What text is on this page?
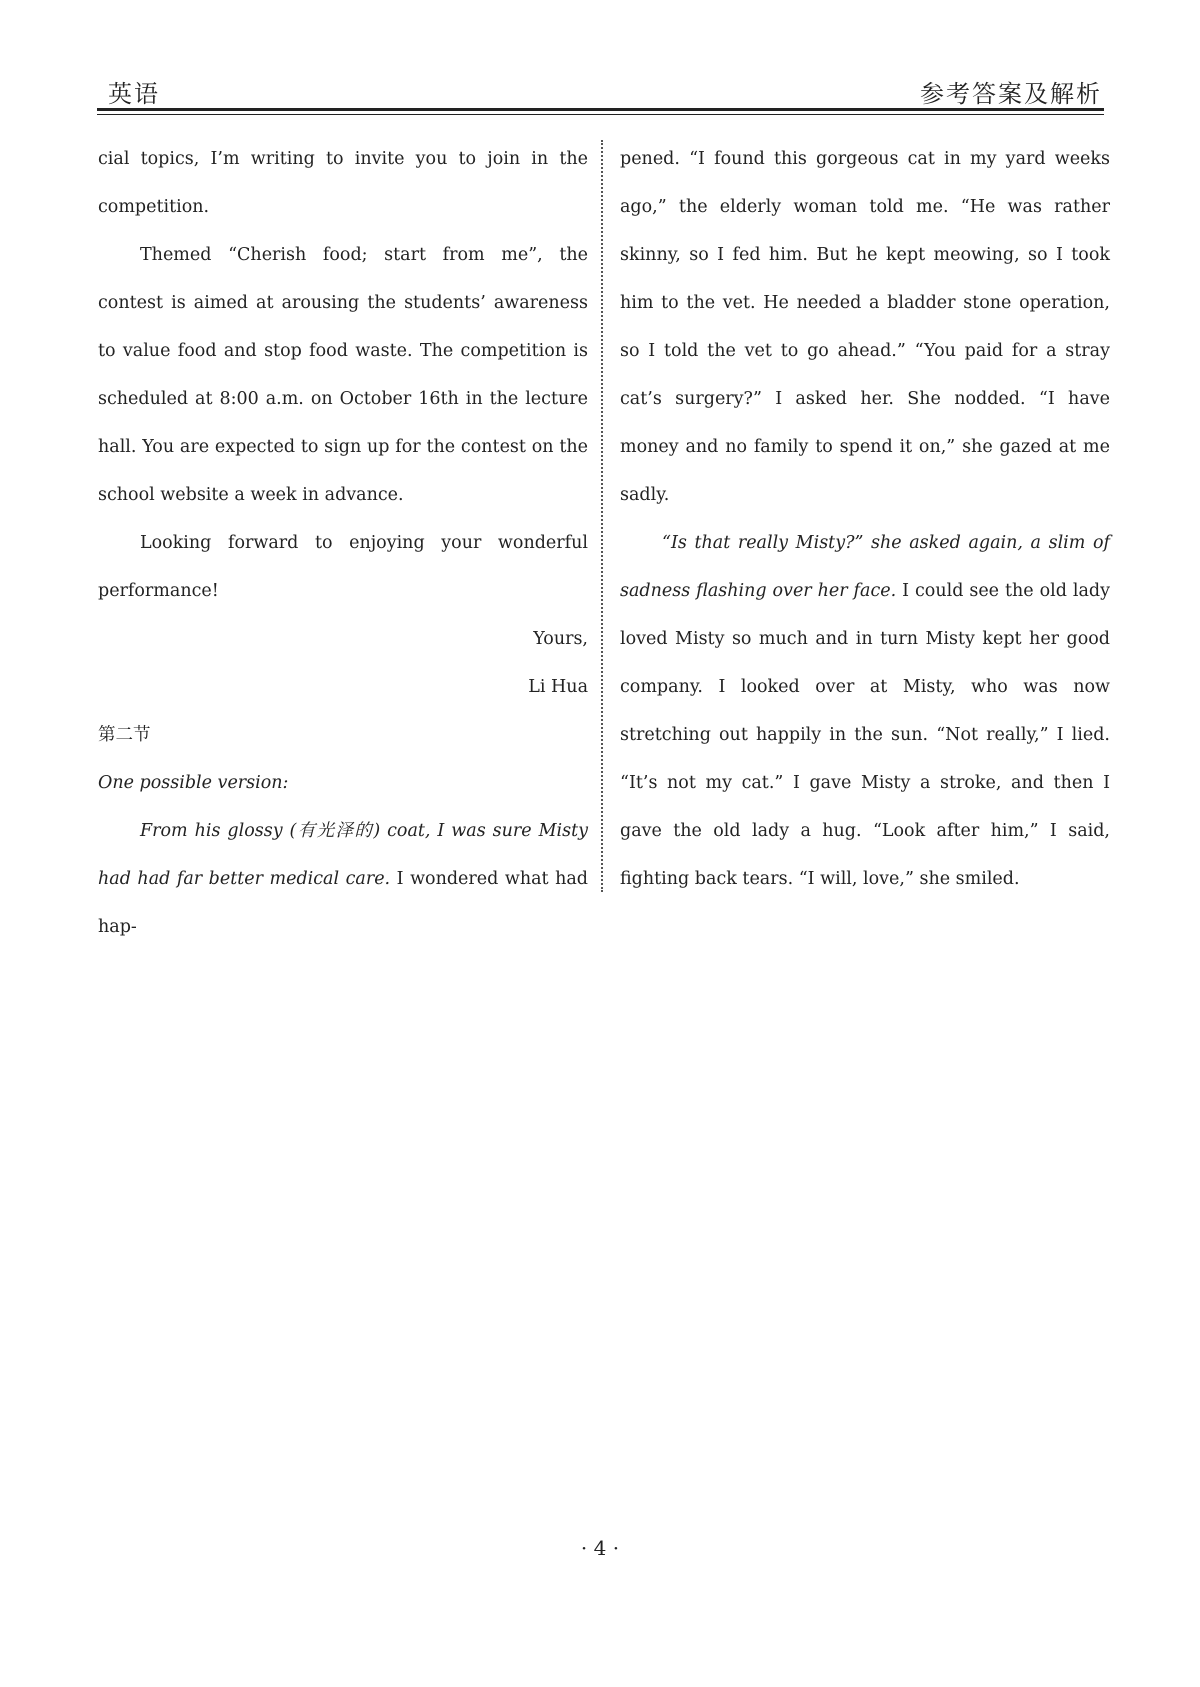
英语	参考答案及解析

cial topics, I’m writing to invite you to join in the competition.

Themed “Cherish food; start from me”, the contest is aimed at arousing the students’ awareness to value food and stop food waste. The competition is scheduled at 8:00 a.m. on October 16th in the lecture hall. You are expected to sign up for the contest on the school website a week in advance.

Looking forward to enjoying your wonderful performance!

Yours,

Li Hua

第二节

One possible version:

From his glossy (有光泽的) coat, I was sure Misty had had far better medical care. I wondered what had hap-

pened. “I found this gorgeous cat in my yard weeks ago,” the elderly woman told me. “He was rather skinny, so I fed him. But he kept meowing, so I took him to the vet. He needed a bladder stone operation, so I told the vet to go ahead.” “You paid for a stray cat’s surgery?” I asked her. She nodded. “I have money and no family to spend it on,” she gazed at me sadly.

“Is that really Misty?” she asked again, a slim of sadness flashing over her face. I could see the old lady loved Misty so much and in turn Misty kept her good company. I looked over at Misty, who was now stretching out happily in the sun. “Not really,” I lied. “It’s not my cat.” I gave Misty a stroke, and then I gave the old lady a hug. “Look after him,” I said, fighting back tears. “I will, love,” she smiled.

· 4 ·
